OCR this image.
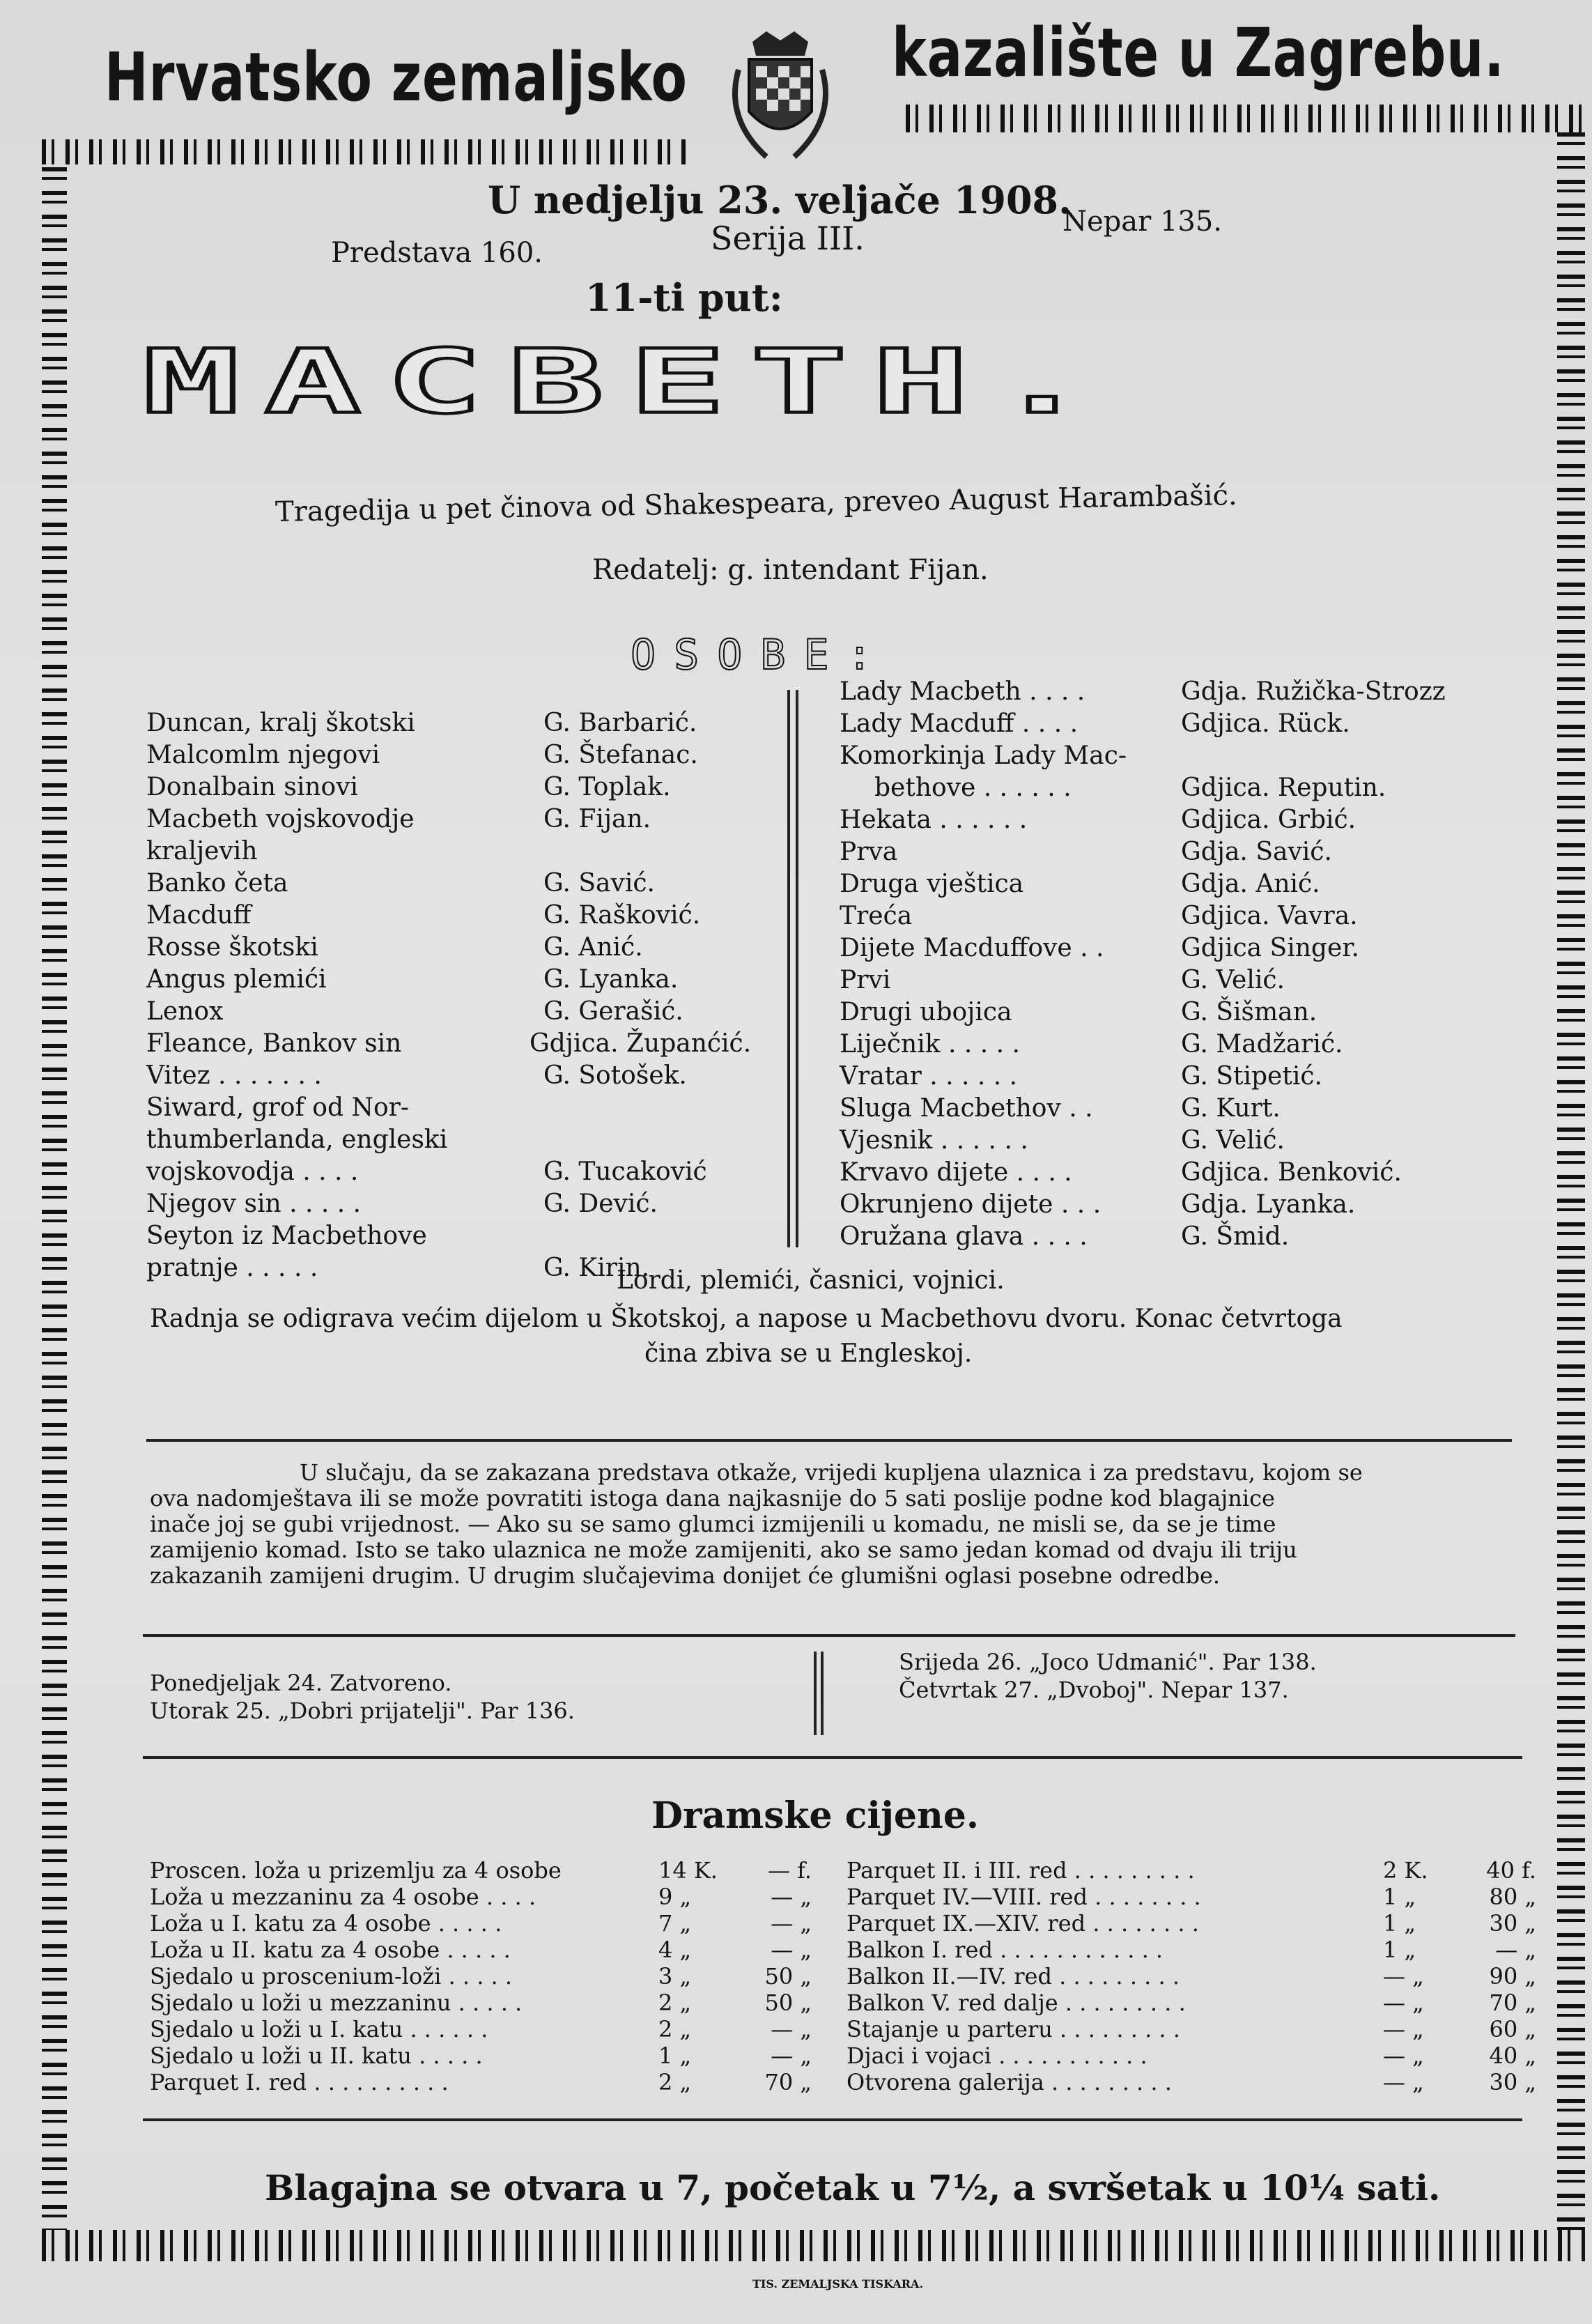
Hrvatsko zemaljsko	kazalište u Zagrebu.
U nedjelju 23. veljače 1908.
Predstava 160.	Serija III.	Nepar 135.
11-ti put:
MACBETH.
Tragedija u pet činova od Shakespeara, preveo August Harambašić.
Redatelj: g. intendant Fijan.
OSOBE:
Duncan, kralj škotski	G. Barbarić.
Malcomlm njegovi	G. Štefanac.
Donalbain sinovi	G. Toplak.
Macbeth vojskovodje	G. Fijan.
kraljevih
Banko četa	G. Savić.
Macduff	G. Rašković.
Rosse škotski	G. Anić.
Angus plemići	G. Lyanka.
Lenox	G. Gerašić.
Fleance, Bankov sin	Gdjica. Županćić.
Vitez . . . . . . .	G. Sotošek.
Siward, grof od Nor-
thumberlanda, engleski
vojskovodja . . . .	G. Tucaković
Njegov sin . . . . .	G. Dević.
Seyton iz Macbethove
pratnje . . . . .	G. Kirin.
Lady Macbeth . . . .	Gdja. Ružička-Strozz
Lady Macduff . . . .	Gdjica. Rück.
Komorkinja Lady Mac-
bethove . . . . . .	Gdjica. Reputin.
Hekata . . . . . .	Gdjica. Grbić.
Prva	Gdja. Savić.
Druga vještica	Gdja. Anić.
Treća	Gdjica. Vavra.
Dijete Macduffove . .	Gdjica Singer.
Prvi	G. Velić.
Drugi ubojica	G. Šišman.
Liječnik . . . . .	G. Madžarić.
Vratar . . . . . .	G. Stipetić.
Sluga Macbethov . .	G. Kurt.
Vjesnik . . . . . .	G. Velić.
Krvavo dijete . . . .	Gdjica. Benković.
Okrunjeno dijete . . .	Gdja. Lyanka.
Oružana glava . . . .	G. Šmid.
Lordi, plemići, časnici, vojnici.
Radnja se odigrava većim dijelom u Škotskoj, a napose u Macbethovu dvoru. Konac četvrtoga
čina zbiva se u Engleskoj.
U slučaju, da se zakazana predstava otkaže, vrijedi kupljena ulaznica i za predstavu, kojom se
ova nadomještava ili se može povratiti istoga dana najkasnije do 5 sati poslije podne kod blagajnice
inače joj se gubi vrijednost. — Ako su se samo glumci izmijenili u komadu, ne misli se, da se je time
zamijenio komad. Isto se tako ulaznica ne može zamijeniti, ako se samo jedan komad od dvaju ili triju
zakazanih zamijeni drugim. U drugim slučajevima donijet će glumišni oglasi posebne odredbe.
Ponedjeljak 24. Zatvoreno.
Utorak 25. „Dobri prijatelji". Par 136.
Srijeda 26. „Joco Udmanić". Par 138.
Četvrtak 27. „Dvoboj". Nepar 137.
Dramske cijene.
Proscen. loža u prizemlju za 4 osobe	14 K. — f.
Loža u mezzaninu za 4 osobe . . . .	9 „	— „
Loža u I. katu za 4 osobe . . . . .	7 „	— „
Loža u II. katu za 4 osobe . . . . .	4 „	— „
Sjedalo u proscenium-loži . . . . .	3 „	50 „
Sjedalo u loži u mezzaninu . . . . .	2 „	50 „
Sjedalo u loži u I. katu . . . . . .	2 „	— „
Sjedalo u loži u II. katu . . . . .	1 „	— „
Parquet I. red . . . . . . . . . .	2 „	70 „
Parquet II. i III. red . . . . . . . . .	2 K.	40 f.
Parquet IV.—VIII. red . . . . . . . .	1 „	80 „
Parquet IX.—XIV. red . . . . . . . .	1 „	30 „
Balkon I. red . . . . . . . . . . . .	1 „	— „
Balkon II.—IV. red . . . . . . . . .	— „	90 „
Balkon V. red dalje . . . . . . . . .	— „	70 „
Stajanje u parteru . . . . . . . . .	— „	60 „
Djaci i vojaci . . . . . . . . . . .	— „	40 „
Otvorena galerija . . . . . . . . .	— „	30 „
Blagajna se otvara u 7, početak u 7½, a svršetak u 10¼ sati.
TIS. ZEMALJSKA TISKARA.
